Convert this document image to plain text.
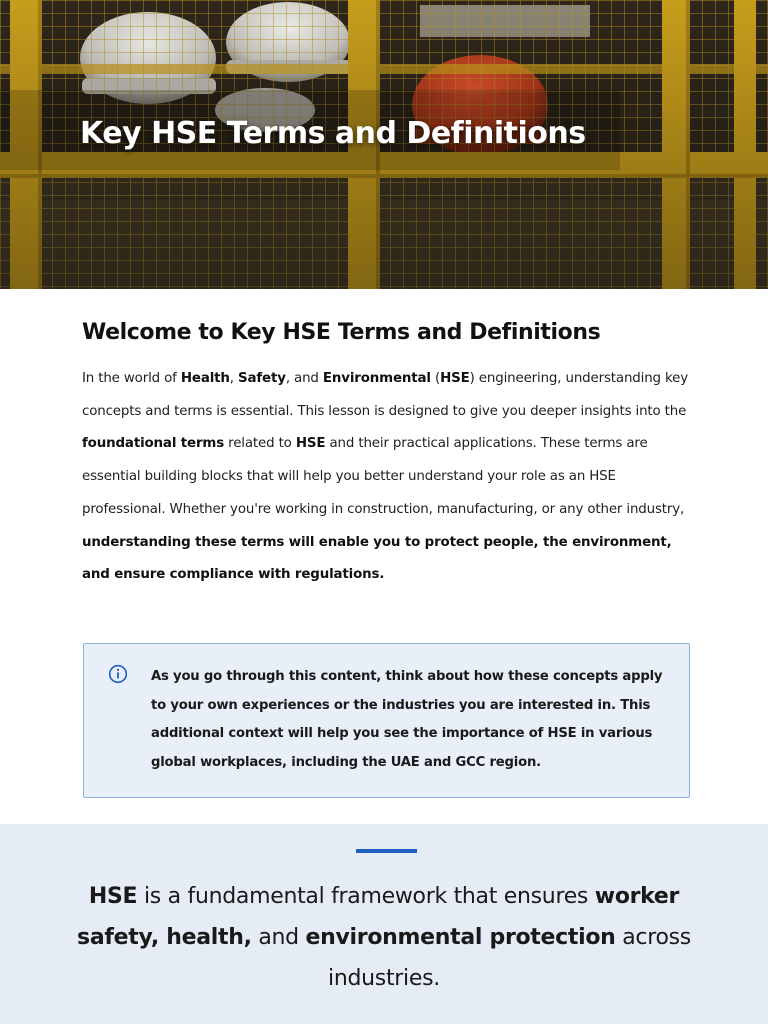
Key HSE Terms and Definitions
Welcome to Key HSE Terms and Definitions

In the world of Health, Safety, and Environmental (HSE) engineering, understanding key concepts and terms is essential. This lesson is designed to give you deeper insights into the foundational terms related to HSE and their practical applications. These terms are essential building blocks that will help you better understand your role as an HSE professional. Whether you're working in construction, manufacturing, or any other industry, understanding these terms will enable you to protect people, the environment, and ensure compliance with regulations.

As you go through this content, think about how these concepts apply to your own experiences or the industries you are interested in. This additional context will help you see the importance of HSE in various global workplaces, including the UAE and GCC region.

HSE is a fundamental framework that ensures worker safety, health, and environmental protection across industries.
